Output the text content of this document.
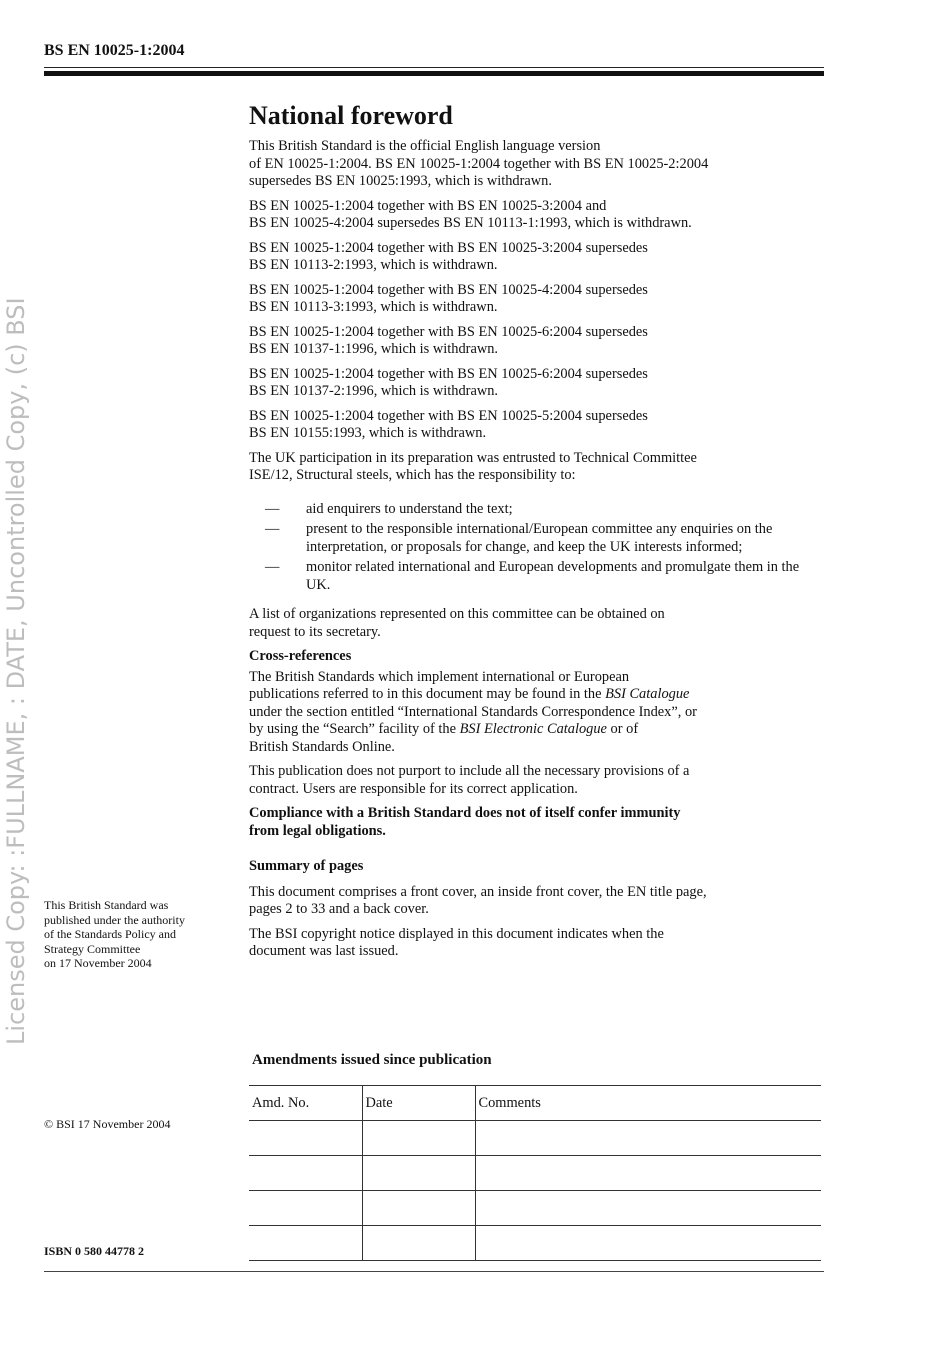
BS EN 10025-1:2004
Licensed Copy: :FULLNAME, : DATE, Uncontrolled Copy, (c) BSI
National foreword

This British Standard is the official English language version
of EN 10025-1:2004. BS EN 10025-1:2004 together with BS EN 10025-2:2004
supersedes BS EN 10025:1993, which is withdrawn.

BS EN 10025-1:2004 together with BS EN 10025-3:2004 and
BS EN 10025-4:2004 supersedes BS EN 10113-1:1993, which is withdrawn.

BS EN 10025-1:2004 together with BS EN 10025-3:2004 supersedes
BS EN 10113-2:1993, which is withdrawn.

BS EN 10025-1:2004 together with BS EN 10025-4:2004 supersedes
BS EN 10113-3:1993, which is withdrawn.

BS EN 10025-1:2004 together with BS EN 10025-6:2004 supersedes
BS EN 10137-1:1996, which is withdrawn.

BS EN 10025-1:2004 together with BS EN 10025-6:2004 supersedes
BS EN 10137-2:1996, which is withdrawn.

BS EN 10025-1:2004 together with BS EN 10025-5:2004 supersedes
BS EN 10155:1993, which is withdrawn.

The UK participation in its preparation was entrusted to Technical Committee
ISE/12, Structural steels, which has the responsibility to:

— aid enquirers to understand the text;
— present to the responsible international/European committee any enquiries on the interpretation, or proposals for change, and keep the UK interests informed;
— monitor related international and European developments and promulgate them in the UK.

A list of organizations represented on this committee can be obtained on
request to its secretary.

Cross-references

The British Standards which implement international or European
publications referred to in this document may be found in the BSI Catalogue
under the section entitled “International Standards Correspondence Index”, or
by using the “Search” facility of the BSI Electronic Catalogue or of
British Standards Online.

This publication does not purport to include all the necessary provisions of a
contract. Users are responsible for its correct application.

Compliance with a British Standard does not of itself confer immunity
from legal obligations.

Summary of pages

This document comprises a front cover, an inside front cover, the EN title page,
pages 2 to 33 and a back cover.

The BSI copyright notice displayed in this document indicates when the
document was last issued.

This British Standard was
published under the authority
of the Standards Policy and
Strategy Committee
on 17 November 2004
© BSI 17 November 2004
ISBN 0 580 44778 2
Amendments issued since publication
Amd. No.	Date	Comments
